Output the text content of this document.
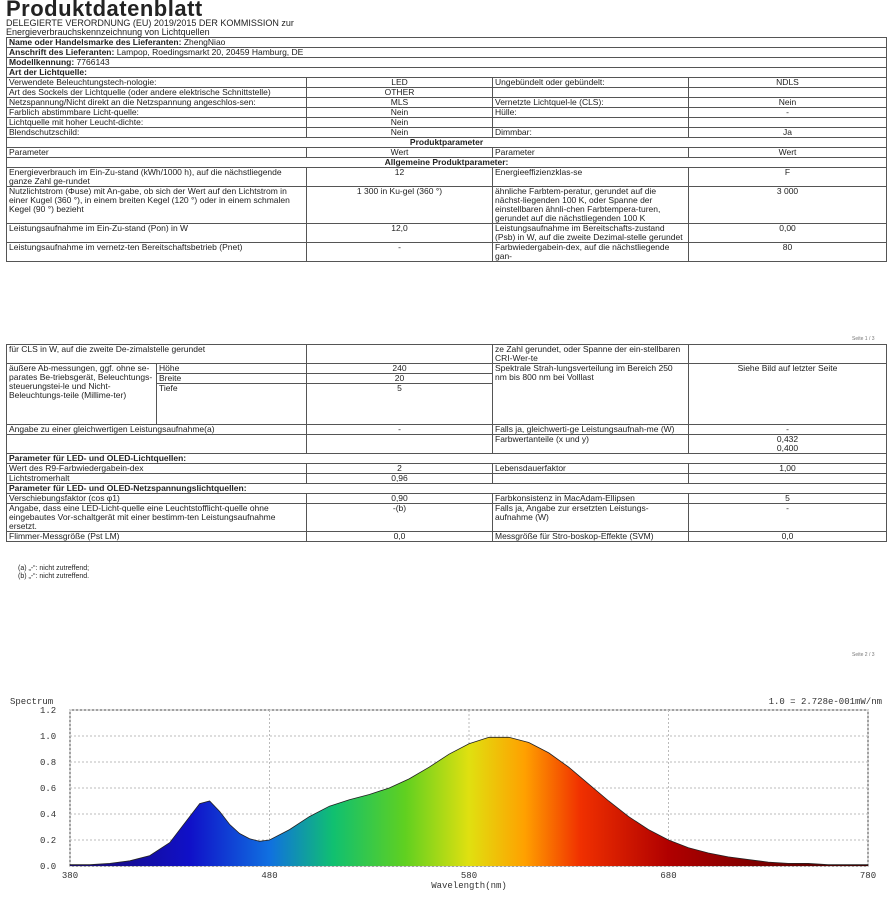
Produktdatenblatt
DELEGIERTE VERORDNUNG (EU) 2019/2015 DER KOMMISSION zur
Energieverbrauchskennzeichnung von Lichtquellen
Name oder Handelsmarke des Lieferanten: ZhengNiao			
Anschrift des Lieferanten: Lampop, Roedingsmarkt 20, 20459 Hamburg, DE			
Modellkennung: 7766143			
Art der Lichtquelle:			
Verwendete Beleuchtungstech-nologie:	LED	Ungebündelt oder gebündelt:	NDLS
Art des Sockels der Lichtquelle (oder andere elektrische Schnittstelle)	OTHER		
Netzspannung/Nicht direkt an die Netzspannung angeschlos-sen:	MLS	Vernetzte Lichtquel-le (CLS):	Nein
Farblich abstimmbare Licht-quelle:	Nein	Hülle:	-
Lichtquelle mit hoher Leucht-dichte:	Nein		
Blendschutzschild:	Nein	Dimmbar:	Ja
Produktparameter			
Parameter	Wert	Parameter	Wert
Allgemeine Produktparameter:			
Energieverbrauch im Ein-Zu-stand (kWh/1000 h), auf die nächstliegende ganze Zahl ge-rundet	12	Energieeffizienzklas-se	F
Nutzlichtstrom (Φuse) mit An-gabe, ob sich der Wert auf den Lichtstrom in einer Kugel (360 °), in einem breiten Kegel (120 °) oder in einem schmalen Kegel (90 °) bezieht	1 300 in Ku-gel (360 °)	ähnliche Farbtem-peratur, gerundet auf die nächst-liegenden 100 K, oder Spanne der einstellbaren ähnli-chen Farbtempera-turen, gerundet auf die nächstliegenden 100 K	3 000
Leistungsaufnahme im Ein-Zu-stand (Pon) in W	12,0	Leistungsaufnahme im Bereitschafts-zustand (Psb) in W, auf die zweite Dezimal-stelle gerundet	0,00
Leistungsaufnahme im vernetz-ten Bereitschaftsbetrieb (Pnet)	-	Farbwiedergabein-dex, auf die nächstliegende gan-	80
Seite 1 / 3
für CLS in W, auf die zweite De-zimalstelle gerundet			ze Zahl gerundet, oder Spanne der ein-stellbaren CRI-Wer-te	
äußere Ab-messungen, ggf. ohne se-parates Be-triebsgerät, Beleuchtungs-steuerungstei-le und Nicht-Beleuchtungs-teile (Millime-ter)	Höhe	240	Spektrale Strah-lungsverteilung im Bereich 250 nm bis 800 nm bei Volllast	Siehe Bild auf letzter Seite
	Breite	20		
	Tiefe	5		
Angabe zu einer gleichwertigen Leistungsaufnahme(a)		-	Falls ja, gleichwerti-ge Leistungsaufnah-me (W)	-
			Farbwertanteile (x und y)	0,432
0,400
Parameter für LED- und OLED-Lichtquellen:				
Wert des R9-Farbwiedergabein-dex		2	Lebensdauerfaktor	1,00
Lichtstromerhalt		0,96		
Parameter für LED- und OLED-Netzspannungslichtquellen:				
Verschiebungsfaktor (cos φ1)		0,90	Farbkonsistenz in MacAdam-Ellipsen	5
Angabe, dass eine LED-Licht-quelle eine Leuchtstofflicht-quelle ohne eingebautes Vor-schaltgerät mit einer bestimm-ten Leistungsaufnahme ersetzt.		-(b)	Falls ja, Angabe zur ersetzten Leistungs-aufnahme (W)	-
Flimmer-Messgröße (Pst LM)		0,0	Messgröße für Stro-boskop-Effekte (SVM)	0,0
(a) „-“: nicht zutreffend;
(b) „-“: nicht zutreffend.
Seite 2 / 3
Spectrum	1.0 = 2.728e-001mW/nm
0.0
0.2
0.4
0.6
0.8
1.0
1.2
380	480	580	680	780
Wavelength(nm)
